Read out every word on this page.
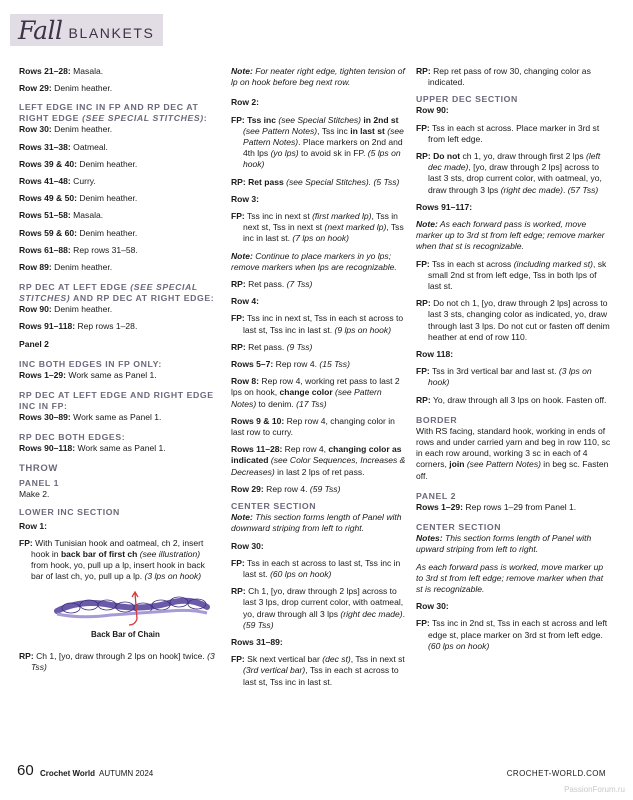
Fall BLANKETS

Rows 21–28: Masala.

Row 29: Denim heather.

LEFT EDGE INC IN FP AND RP DEC AT RIGHT EDGE (SEE SPECIAL STITCHES):

Row 30: Denim heather.

Rows 31–38: Oatmeal.

Rows 39 & 40: Denim heather.

Rows 41–48: Curry.

Rows 49 & 50: Denim heather.

Rows 51–58: Masala.

Rows 59 & 60: Denim heather.

Rows 61–88: Rep rows 31–58.

Row 89: Denim heather.

RP DEC AT LEFT EDGE (SEE SPECIAL STITCHES) AND RP DEC AT RIGHT EDGE:

Row 90: Denim heather.

Rows 91–118: Rep rows 1–28.

Panel 2

INC BOTH EDGES IN FP ONLY:

Rows 1–29: Work same as Panel 1.

RP DEC AT LEFT EDGE AND RIGHT EDGE INC IN FP:

Rows 30–89: Work same as Panel 1.

RP DEC BOTH EDGES:

Rows 90–118: Work same as Panel 1.

THROW
PANEL 1

Make 2.

LOWER INC SECTION

Row 1:

FP: With Tunisian hook and oatmeal, ch 2, insert hook in back bar of first ch (see illustration) from hook, yo, pull up a lp, insert hook in back bar of last ch, yo, pull up a lp. (3 lps on hook)

Back Bar of Chain

RP: Ch 1, [yo, draw through 2 lps on hook] twice. (3 Tss)

Note: For neater right edge, tighten tension of lp on hook before beg next row.

Row 2:

FP: Tss inc (see Special Stitches) in 2nd st (see Pattern Notes), Tss inc in last st (see Pattern Notes). Place markers on 2nd and 4th lps (yo lps) to avoid sk in FP. (5 lps on hook)

RP: Ret pass (see Special Stitches). (5 Tss)

Row 3:

FP: Tss inc in next st (first marked lp), Tss in next st, Tss in next st (next marked lp), Tss inc in last st. (7 lps on hook)

Note: Continue to place markers in yo lps; remove markers when lps are recognizable.

RP: Ret pass. (7 Tss)

Row 4:

FP: Tss inc in next st, Tss in each st across to last st, Tss inc in last st. (9 lps on hook)

RP: Ret pass. (9 Tss)

Rows 5–7: Rep row 4. (15 Tss)

Row 8: Rep row 4, working ret pass to last 2 lps on hook, change color (see Pattern Notes) to denim. (17 Tss)

Rows 9 & 10: Rep row 4, changing color in last row to curry.

Rows 11–28: Rep row 4, changing color as indicated (see Color Sequences, Increases & Decreases) in last 2 lps of ret pass.

Row 29: Rep row 4. (59 Tss)

CENTER SECTION

Note: This section forms length of Panel with downward striping from left to right.

Row 30:

FP: Tss in each st across to last st, Tss inc in last st. (60 lps on hook)

RP: Ch 1, [yo, draw through 2 lps] across to last 3 lps, drop current color, with oatmeal, yo, draw through all 3 lps (right dec made). (59 Tss)

Rows 31–89:

FP: Sk next vertical bar (dec st), Tss in next st (3rd vertical bar), Tss in each st across to last st, Tss inc in last st.

RP: Rep ret pass of row 30, changing color as indicated.

UPPER DEC SECTION

Row 90:

FP: Tss in each st across. Place marker in 3rd st from left edge.

RP: Do not ch 1, yo, draw through first 2 lps (left dec made), [yo, draw through 2 lps] across to last 3 sts, drop current color, with oatmeal, yo, draw through 3 lps (right dec made). (57 Tss)

Rows 91–117:

Note: As each forward pass is worked, move marker up to 3rd st from left edge; remove marker when that st is recognizable.

FP: Tss in each st across (including marked st), sk small 2nd st from left edge, Tss in both lps of last st.

RP: Do not ch 1, [yo, draw through 2 lps] across to last 3 sts, changing color as indicated, yo, draw through last 3 lps. Do not cut or fasten off denim heather at end of row 110.

Row 118:

FP: Tss in 3rd vertical bar and last st. (3 lps on hook)

RP: Yo, draw through all 3 lps on hook. Fasten off.

BORDER

With RS facing, standard hook, working in ends of rows and under carried yarn and beg in row 110, sc in each row around, working 3 sc in each of 4 corners, join (see Pattern Notes) in beg sc. Fasten off.

PANEL 2

Rows 1–29: Rep rows 1–29 from Panel 1.

CENTER SECTION

Notes: This section forms length of Panel with upward striping from left to right.

As each forward pass is worked, move marker up to 3rd st from left edge; remove marker when that st is recognizable.

Row 30:

FP: Tss inc in 2nd st, Tss in each st across and left edge st, place marker on 3rd st from left edge. (60 lps on hook)

60 Crochet World AUTUMN 2024	CROCHET-WORLD.COM
PassionForum.ru
